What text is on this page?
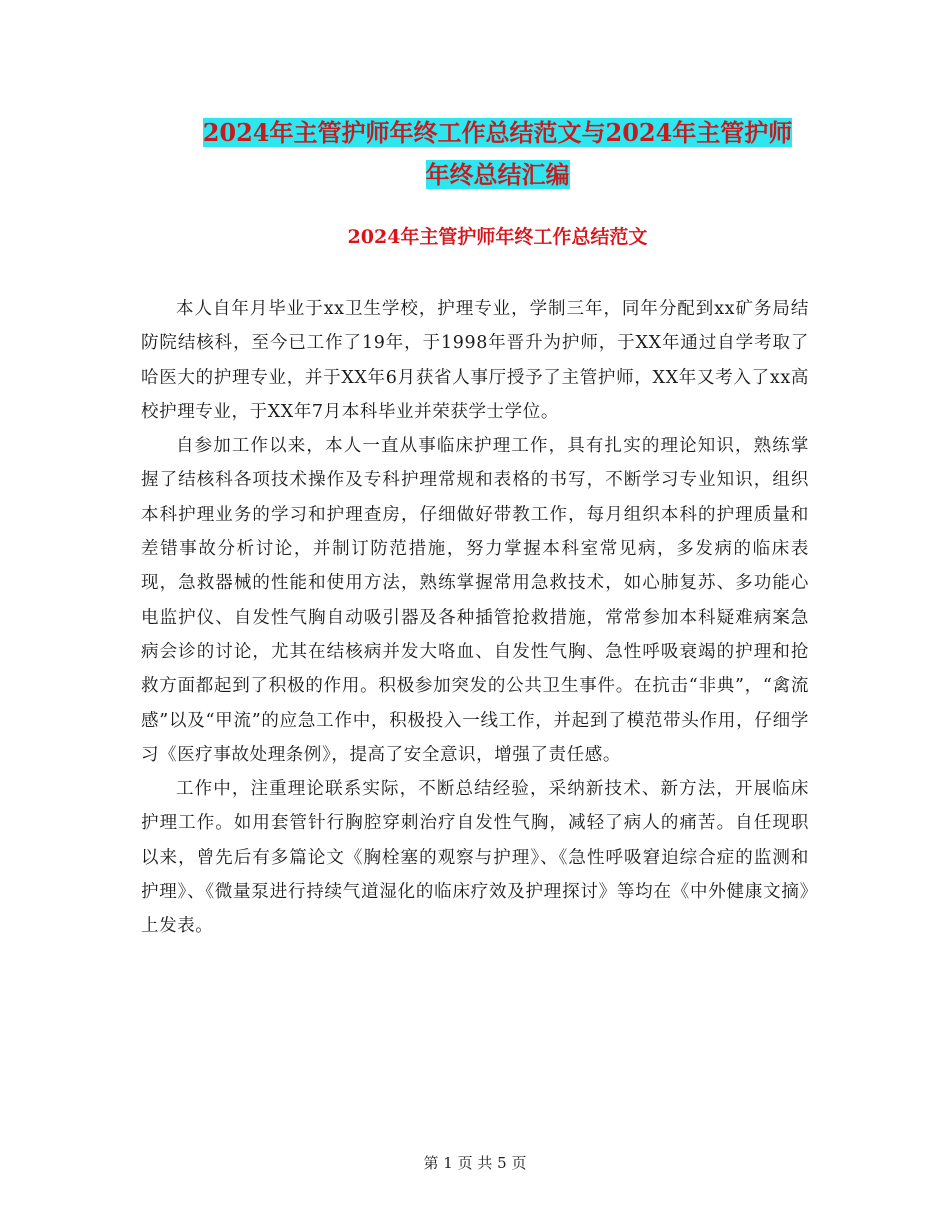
2024年主管护师年终工作总结范文与2024年主管护师
年终总结汇编
2024年主管护师年终工作总结范文

本人自年月毕业于xx卫生学校，护理专业，学制三年，同年分配到xx矿务局结防院结核科，至今已工作了19年，于1998年晋升为护师，于XX年通过自学考取了哈医大的护理专业，并于XX年6月获省人事厅授予了主管护师，XX年又考入了xx高校护理专业，于XX年7月本科毕业并荣获学士学位。

自参加工作以来，本人一直从事临床护理工作，具有扎实的理论知识，熟练掌握了结核科各项技术操作及专科护理常规和表格的书写，不断学习专业知识，组织本科护理业务的学习和护理查房，仔细做好带教工作，每月组织本科的护理质量和差错事故分析讨论，并制订防范措施，努力掌握本科室常见病，多发病的临床表现，急救器械的性能和使用方法，熟练掌握常用急救技术，如心肺复苏、多功能心电监护仪、自发性气胸自动吸引器及各种插管抢救措施，常常参加本科疑难病案急病会诊的讨论，尤其在结核病并发大咯血、自发性气胸、急性呼吸衰竭的护理和抢救方面都起到了积极的作用。积极参加突发的公共卫生事件。在抗击“非典”，“禽流感”以及“甲流”的应急工作中，积极投入一线工作，并起到了模范带头作用，仔细学习《医疗事故处理条例》，提高了安全意识，增强了责任感。

工作中，注重理论联系实际，不断总结经验，采纳新技术、新方法，开展临床护理工作。如用套管针行胸腔穿刺治疗自发性气胸，减轻了病人的痛苦。自任现职以来，曾先后有多篇论文《胸栓塞的观察与护理》、《急性呼吸窘迫综合症的监测和护理》、《微量泵进行持续气道湿化的临床疗效及护理探讨》等均在《中外健康文摘》上发表。

第 1 页 共 5 页
